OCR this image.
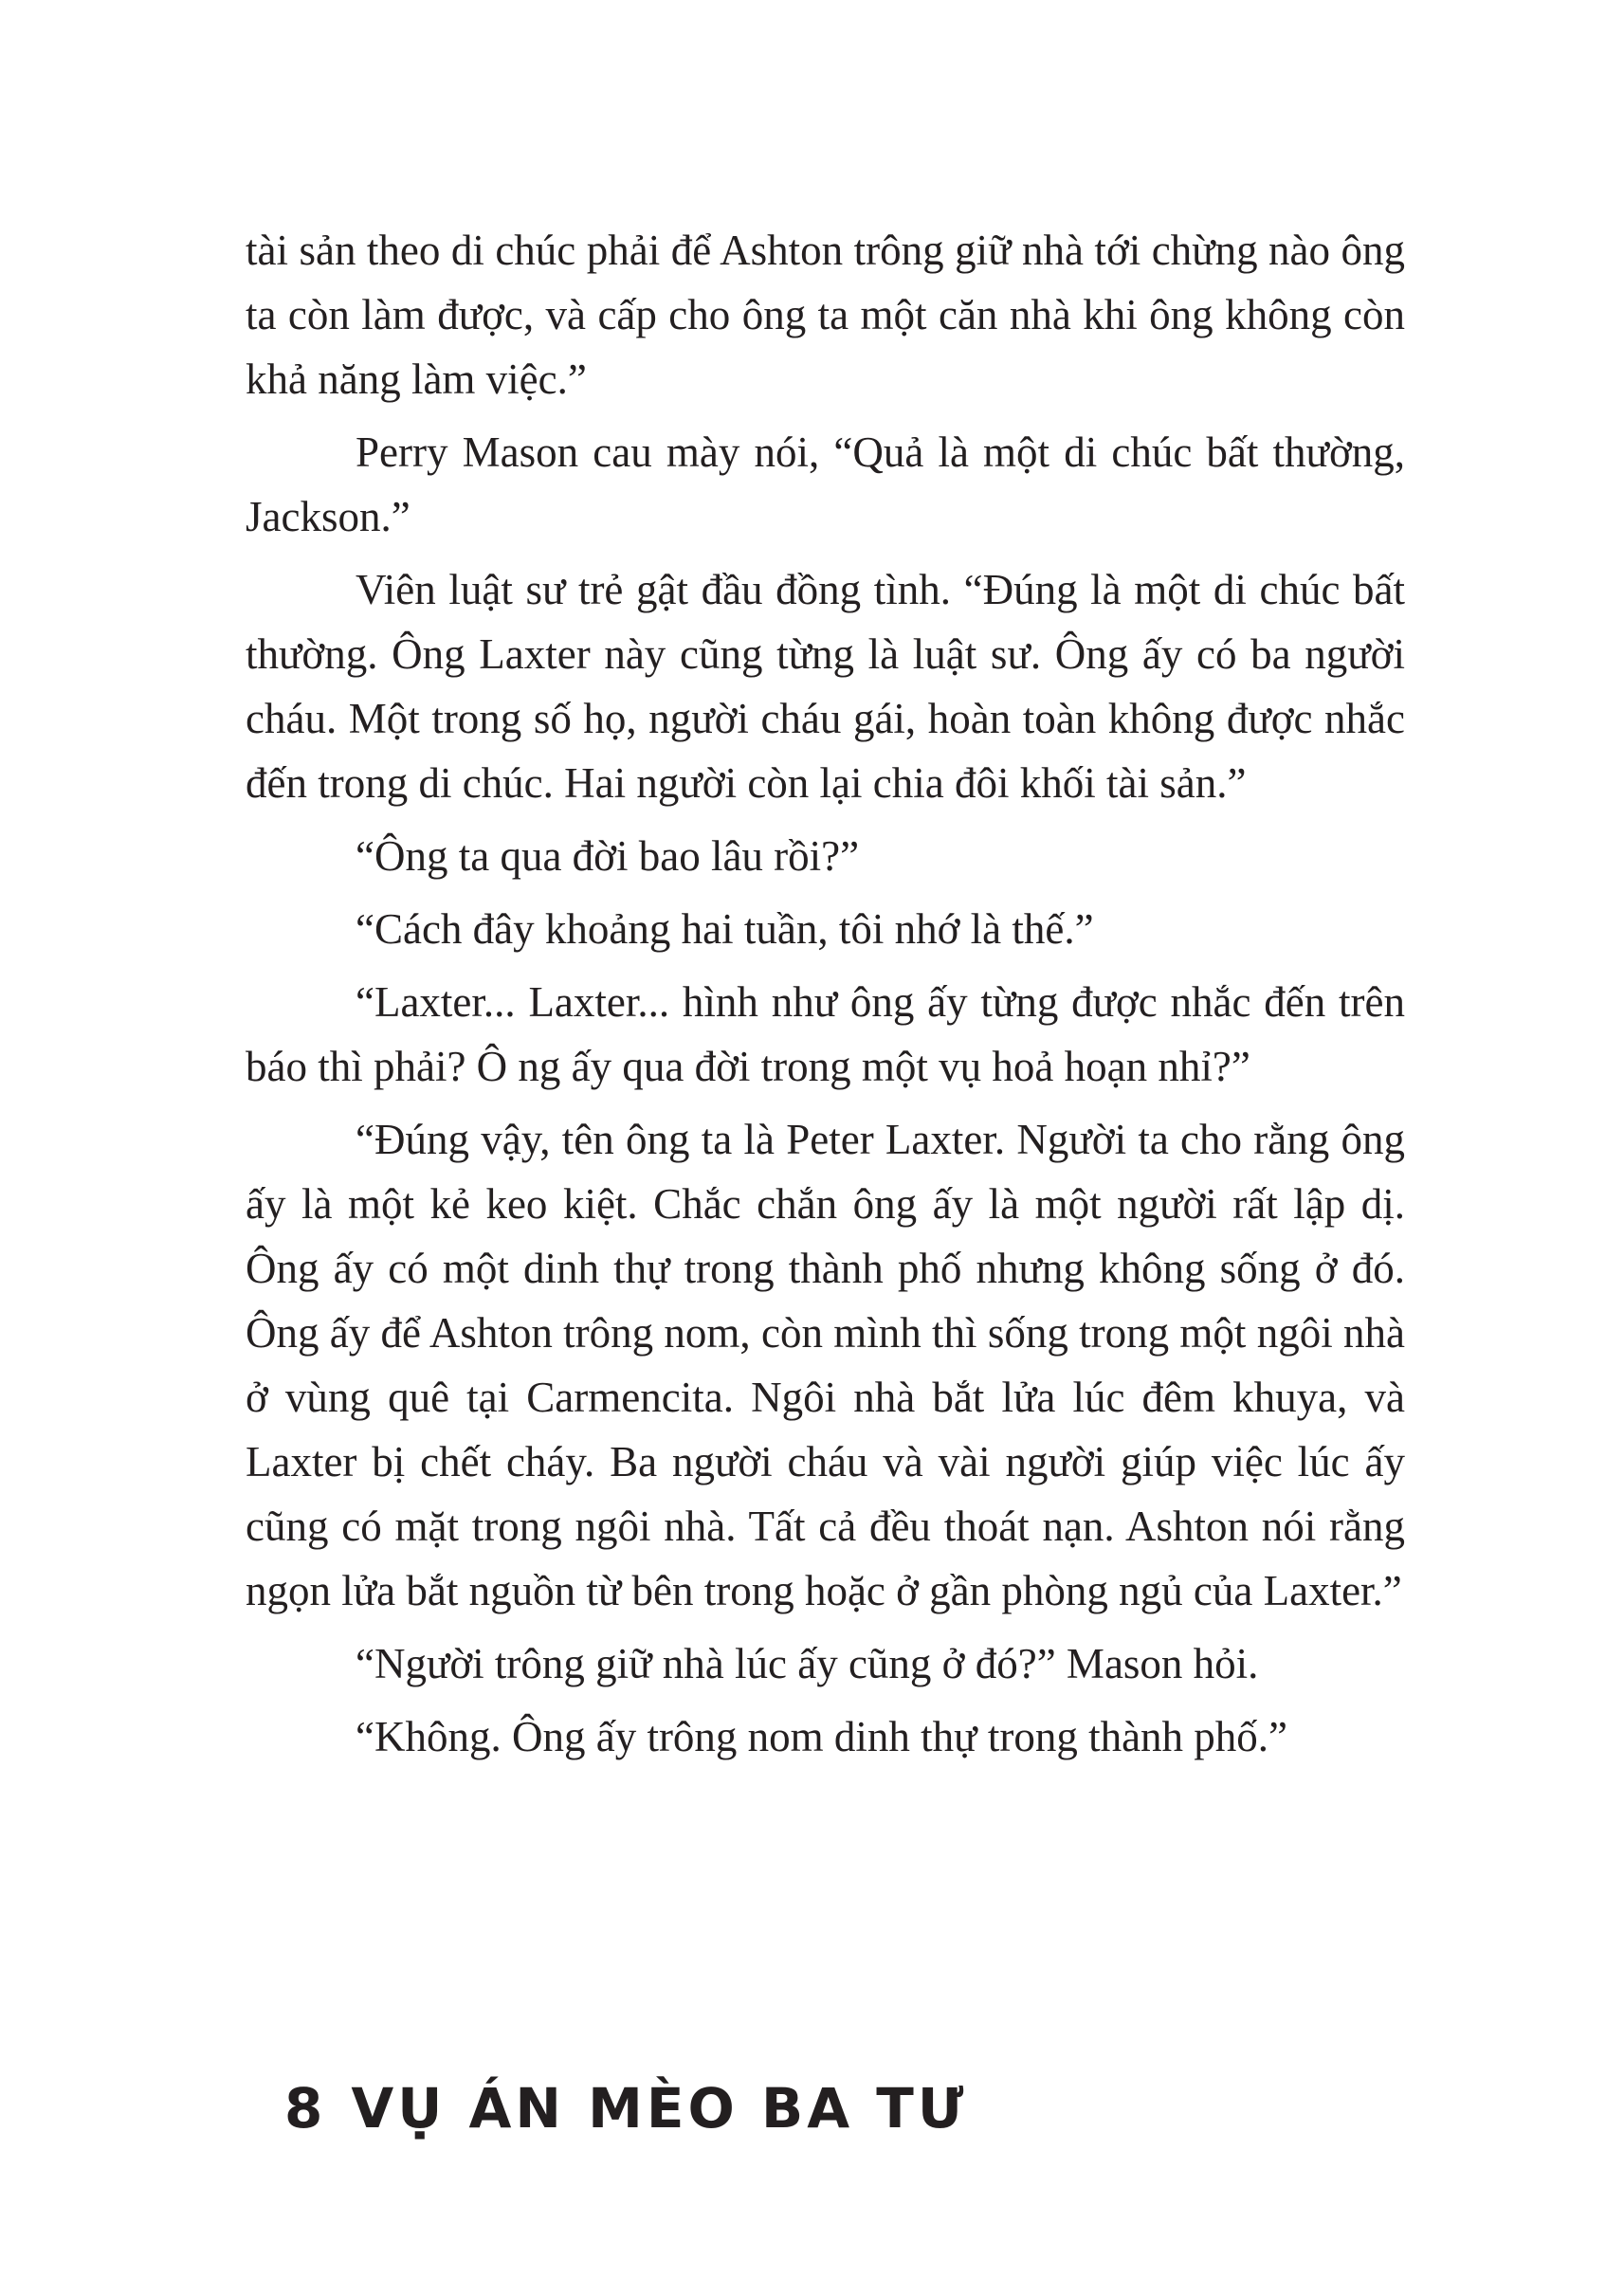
tài sản theo di chúc phải để Ashton trông giữ nhà tới chừng nào ông ta còn làm được, và cấp cho ông ta một căn nhà khi ông không còn khả năng làm việc.”

Perry Mason cau mày nói, “Quả là một di chúc bất thường, Jackson.”

Viên luật sư trẻ gật đầu đồng tình. “Đúng là một di chúc bất thường. Ông Laxter này cũng từng là luật sư. Ông ấy có ba người cháu. Một trong số họ, người cháu gái, hoàn toàn không được nhắc đến trong di chúc. Hai người còn lại chia đôi khối tài sản.”

“Ông ta qua đời bao lâu rồi?”

“Cách đây khoảng hai tuần, tôi nhớ là thế.”

“Laxter... Laxter... hình như ông ấy từng được nhắc đến trên báo thì phải? Ô ng ấy qua đời trong một vụ hoả hoạn nhỉ?”

“Đúng vậy, tên ông ta là Peter Laxter. Người ta cho rằng ông ấy là một kẻ keo kiệt. Chắc chắn ông ấy là một người rất lập dị. Ông ấy có một dinh thự trong thành phố nhưng không sống ở đó. Ông ấy để Ashton trông nom, còn mình thì sống trong một ngôi nhà ở vùng quê tại Carmencita. Ngôi nhà bắt lửa lúc đêm khuya, và Laxter bị chết cháy. Ba người cháu và vài người giúp việc lúc ấy cũng có mặt trong ngôi nhà. Tất cả đều thoát nạn. Ashton nói rằng ngọn lửa bắt nguồn từ bên trong hoặc ở gần phòng ngủ của Laxter.”

“Người trông giữ nhà lúc ấy cũng ở đó?” Mason hỏi.

“Không. Ông ấy trông nom dinh thự trong thành phố.”

8 VỤ ÁN MÈO BA TƯ
